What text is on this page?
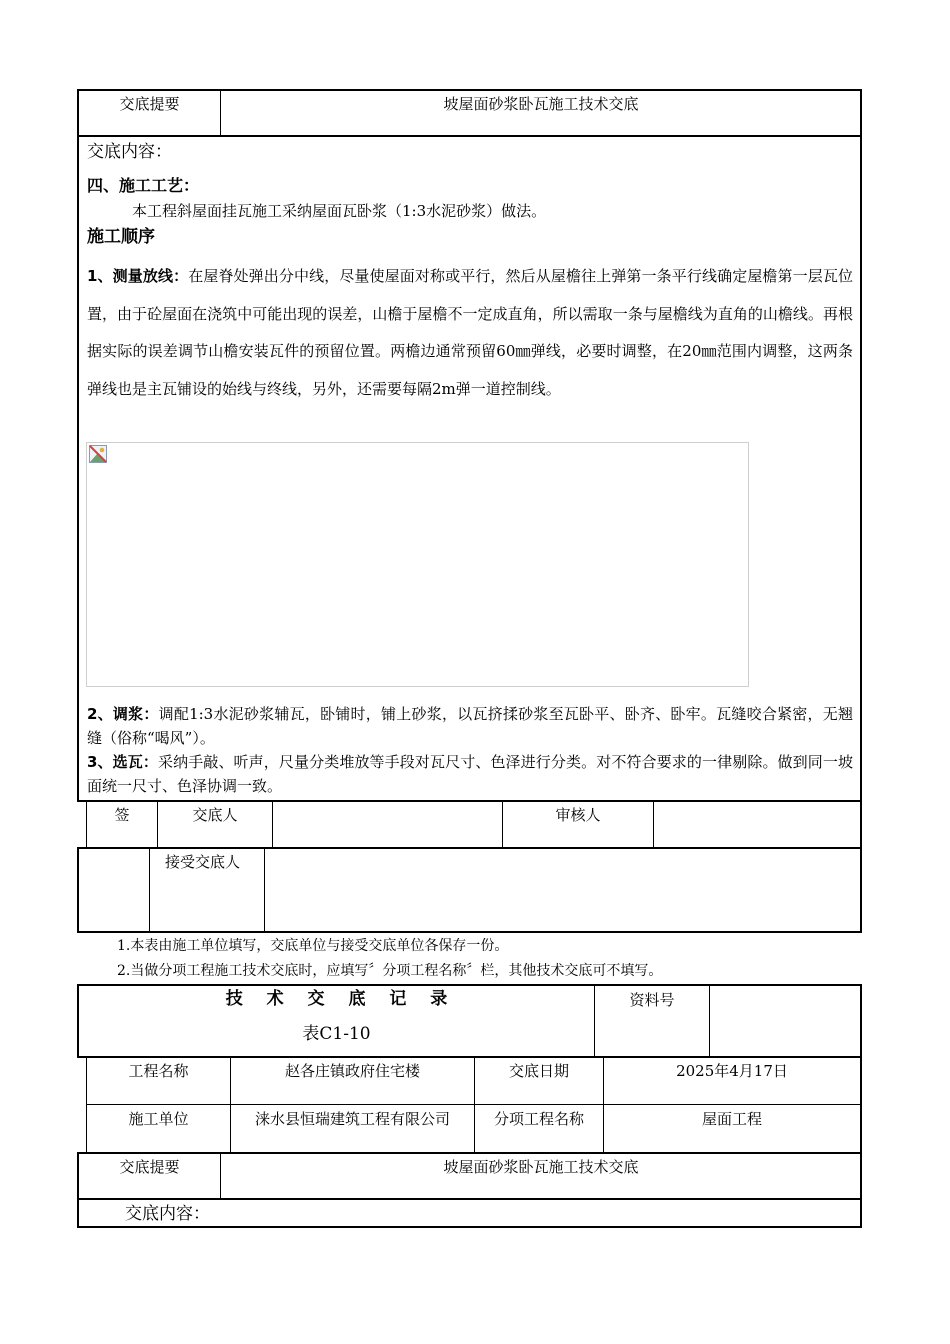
交底提要	坡屋面砂浆卧瓦施工技术交底
交底内容：
四、施工工艺：
本工程斜屋面挂瓦施工采纳屋面瓦卧浆（1:3水泥砂浆）做法。
施工顺序
1、测量放线：在屋脊处弹出分中线，尽量使屋面对称或平行，然后从屋檐往上弹第一条平行线确定屋檐第一层瓦位置，由于砼屋面在浇筑中可能出现的误差，山檐于屋檐不一定成直角，所以需取一条与屋檐线为直角的山檐线。再根据实际的误差调节山檐安装瓦件的预留位置。两檐边通常预留60㎜弹线，必要时调整，在20㎜范围内调整，这两条弹线也是主瓦铺设的始线与终线，另外，还需要每隔2m弹一道控制线。
2、调浆：调配1:3水泥砂浆辅瓦，卧铺时，铺上砂浆，以瓦挤揉砂浆至瓦卧平、卧齐、卧牢。瓦缝咬合紧密，无翘缝（俗称“喝风”）。
3、选瓦：采纳手敲、听声，尺量分类堆放等手段对瓦尺寸、色泽进行分类。对不符合要求的一律剔除。做到同一坡面统一尺寸、色泽协调一致。
签	交底人	审核人
接受交底人
1.本表由施工单位填写，交底单位与接受交底单位各保存一份。
2.当做分项工程施工技术交底时，应填写〞分项工程名称〞栏，其他技术交底可不填写。
技 术 交 底 记 录
表C1-10
资料号
工程名称	赵各庄镇政府住宅楼	交底日期	2025年4月17日
施工单位	涞水县恒瑞建筑工程有限公司	分项工程名称	屋面工程
交底提要	坡屋面砂浆卧瓦施工技术交底
交底内容：
